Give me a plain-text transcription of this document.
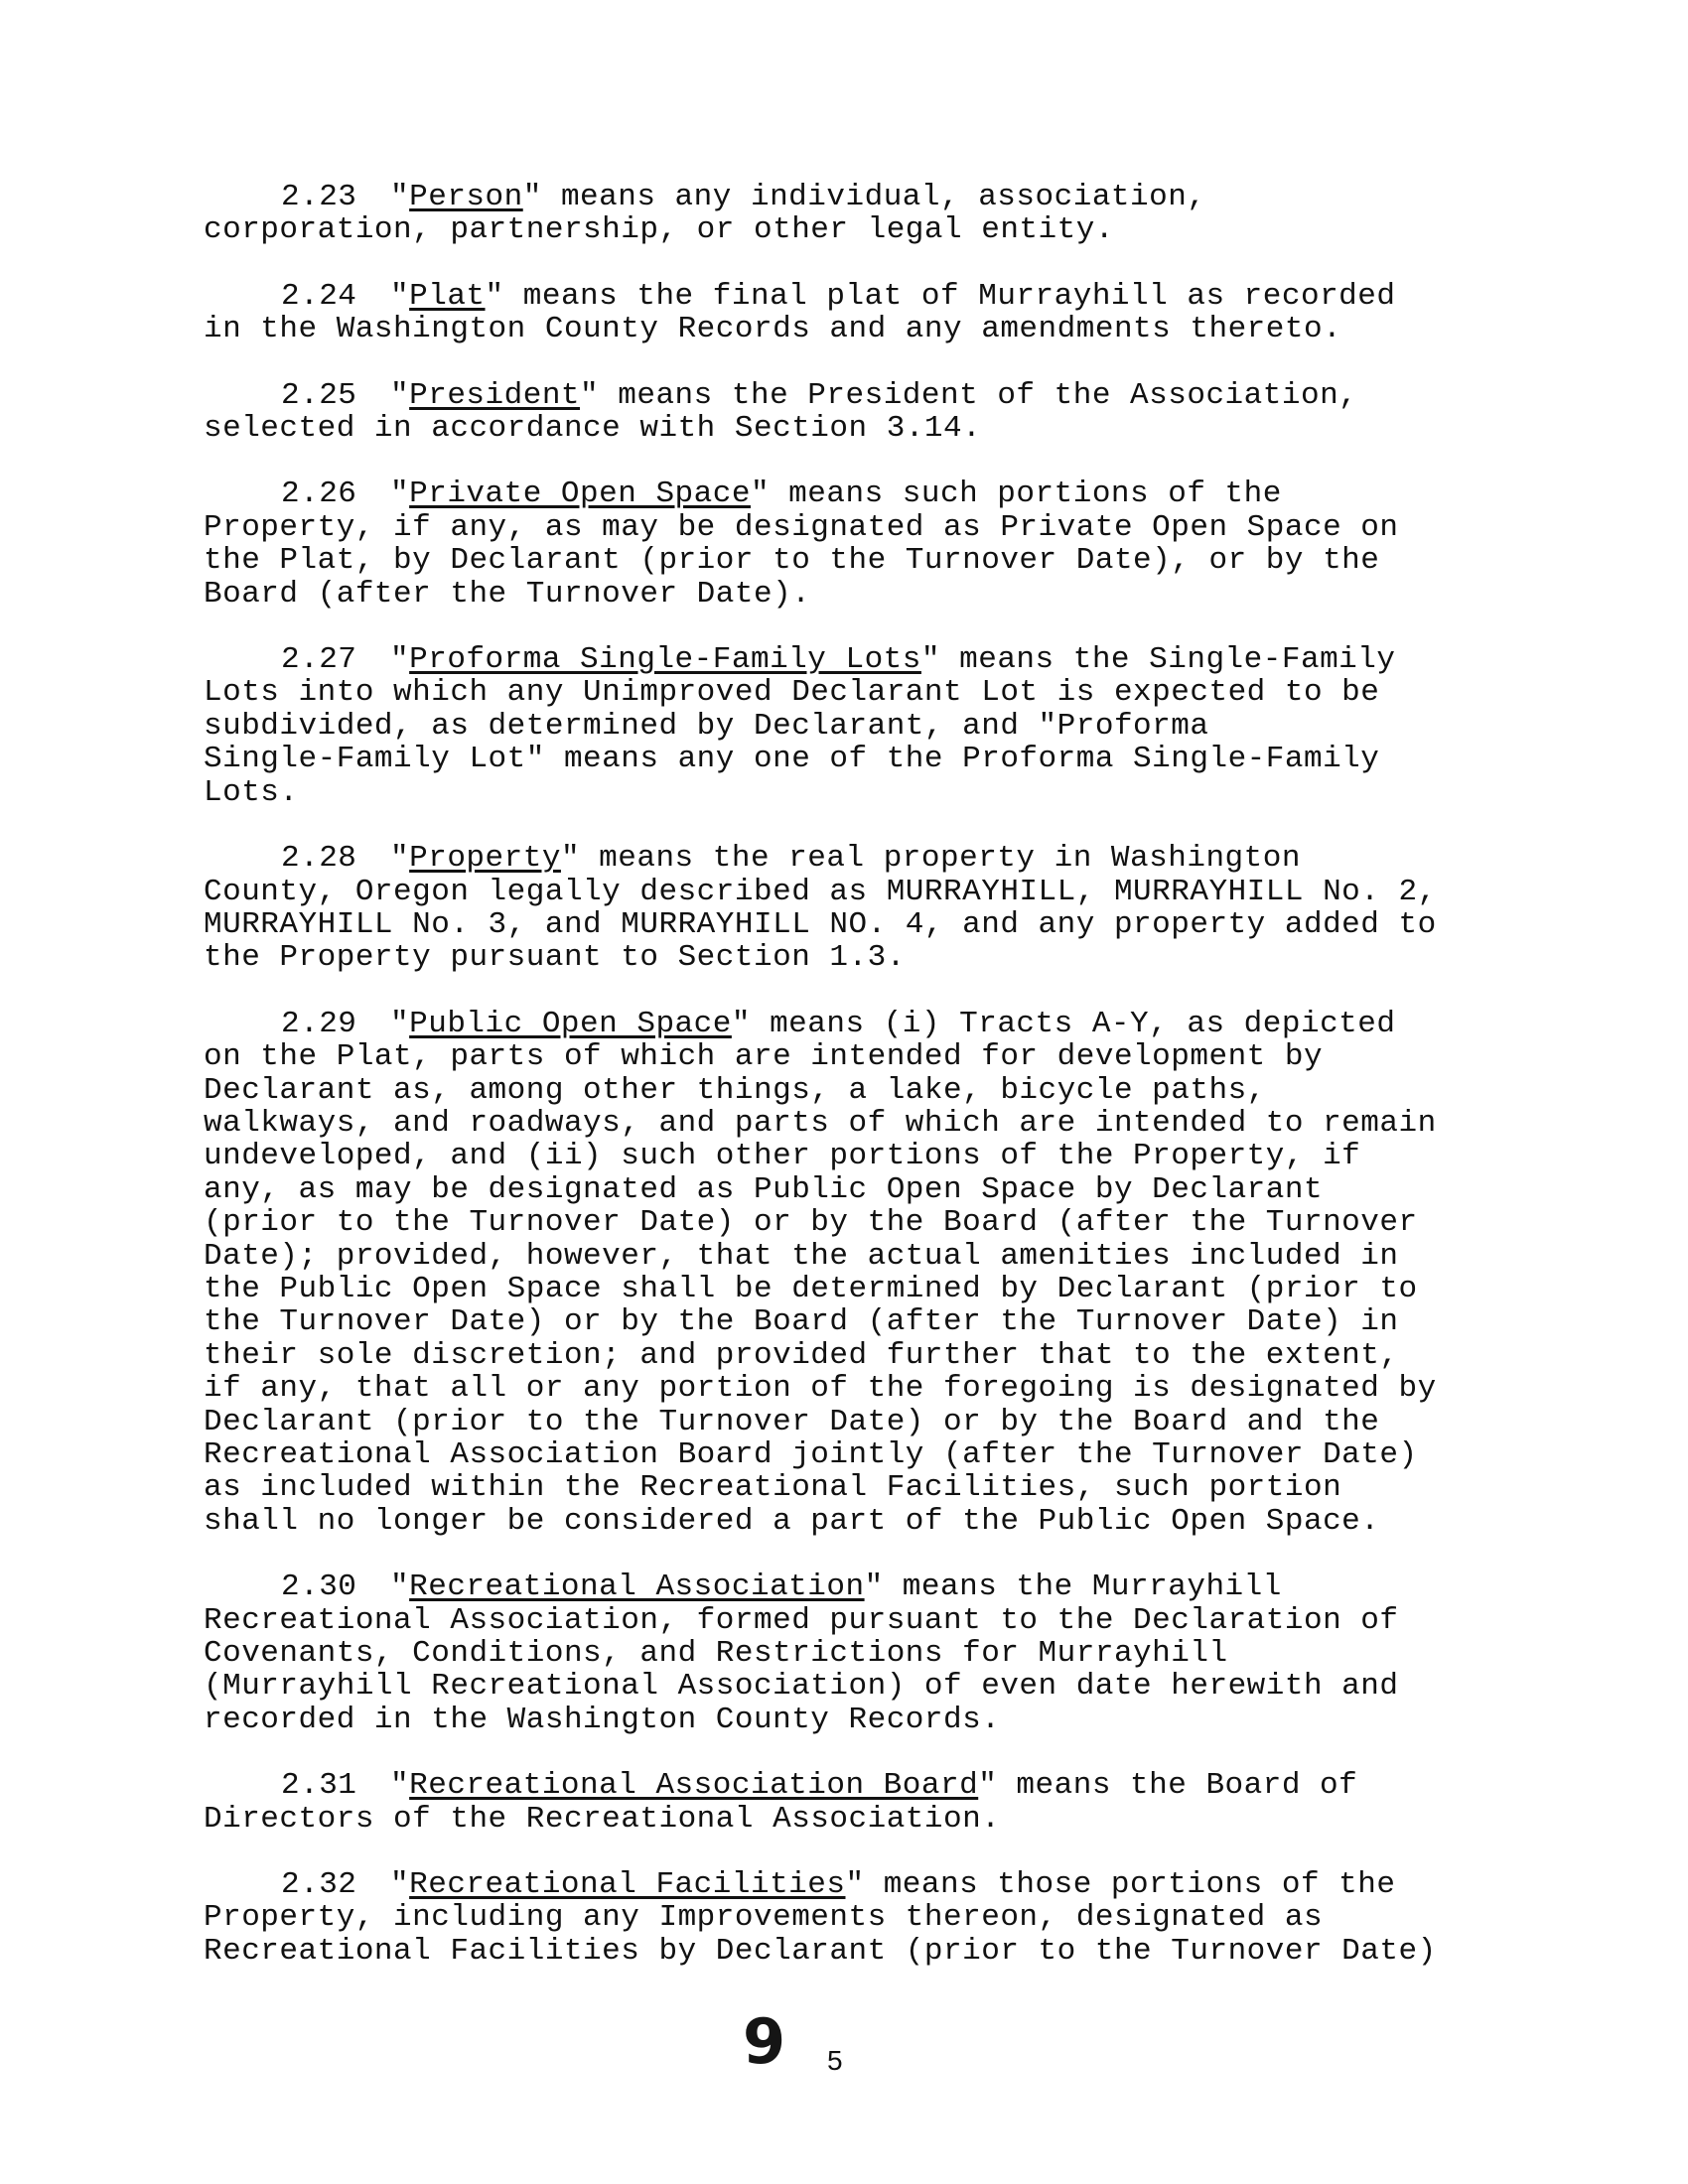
2.23 "Person" means any individual, association,
corporation, partnership, or other legal entity.
2.24 "Plat" means the final plat of Murrayhill as recorded
in the Washington County Records and any amendments thereto.
2.25 "President" means the President of the Association,
selected in accordance with Section 3.14.
2.26 "Private Open Space" means such portions of the
Property, if any, as may be designated as Private Open Space on
the Plat, by Declarant (prior to the Turnover Date), or by the
Board (after the Turnover Date).
2.27 "Proforma Single-Family Lots" means the Single-Family
Lots into which any Unimproved Declarant Lot is expected to be
subdivided, as determined by Declarant, and "Proforma
Single-Family Lot" means any one of the Proforma Single-Family
Lots.
2.28 "Property" means the real property in Washington
County, Oregon legally described as MURRAYHILL, MURRAYHILL No. 2,
MURRAYHILL No. 3, and MURRAYHILL NO. 4, and any property added to
the Property pursuant to Section 1.3.
2.29 "Public Open Space" means (i) Tracts A-Y, as depicted
on the Plat, parts of which are intended for development by
Declarant as, among other things, a lake, bicycle paths,
walkways, and roadways, and parts of which are intended to remain
undeveloped, and (ii) such other portions of the Property, if
any, as may be designated as Public Open Space by Declarant
(prior to the Turnover Date) or by the Board (after the Turnover
Date); provided, however, that the actual amenities included in
the Public Open Space shall be determined by Declarant (prior to
the Turnover Date) or by the Board (after the Turnover Date) in
their sole discretion; and provided further that to the extent,
if any, that all or any portion of the foregoing is designated by
Declarant (prior to the Turnover Date) or by the Board and the
Recreational Association Board jointly (after the Turnover Date)
as included within the Recreational Facilities, such portion
shall no longer be considered a part of the Public Open Space.
2.30 "Recreational Association" means the Murrayhill
Recreational Association, formed pursuant to the Declaration of
Covenants, Conditions, and Restrictions for Murrayhill
(Murrayhill Recreational Association) of even date herewith and
recorded in the Washington County Records.
2.31 "Recreational Association Board" means the Board of
Directors of the Recreational Association.
2.32 "Recreational Facilities" means those portions of the
Property, including any Improvements thereon, designated as
Recreational Facilities by Declarant (prior to the Turnover Date)
9 5
